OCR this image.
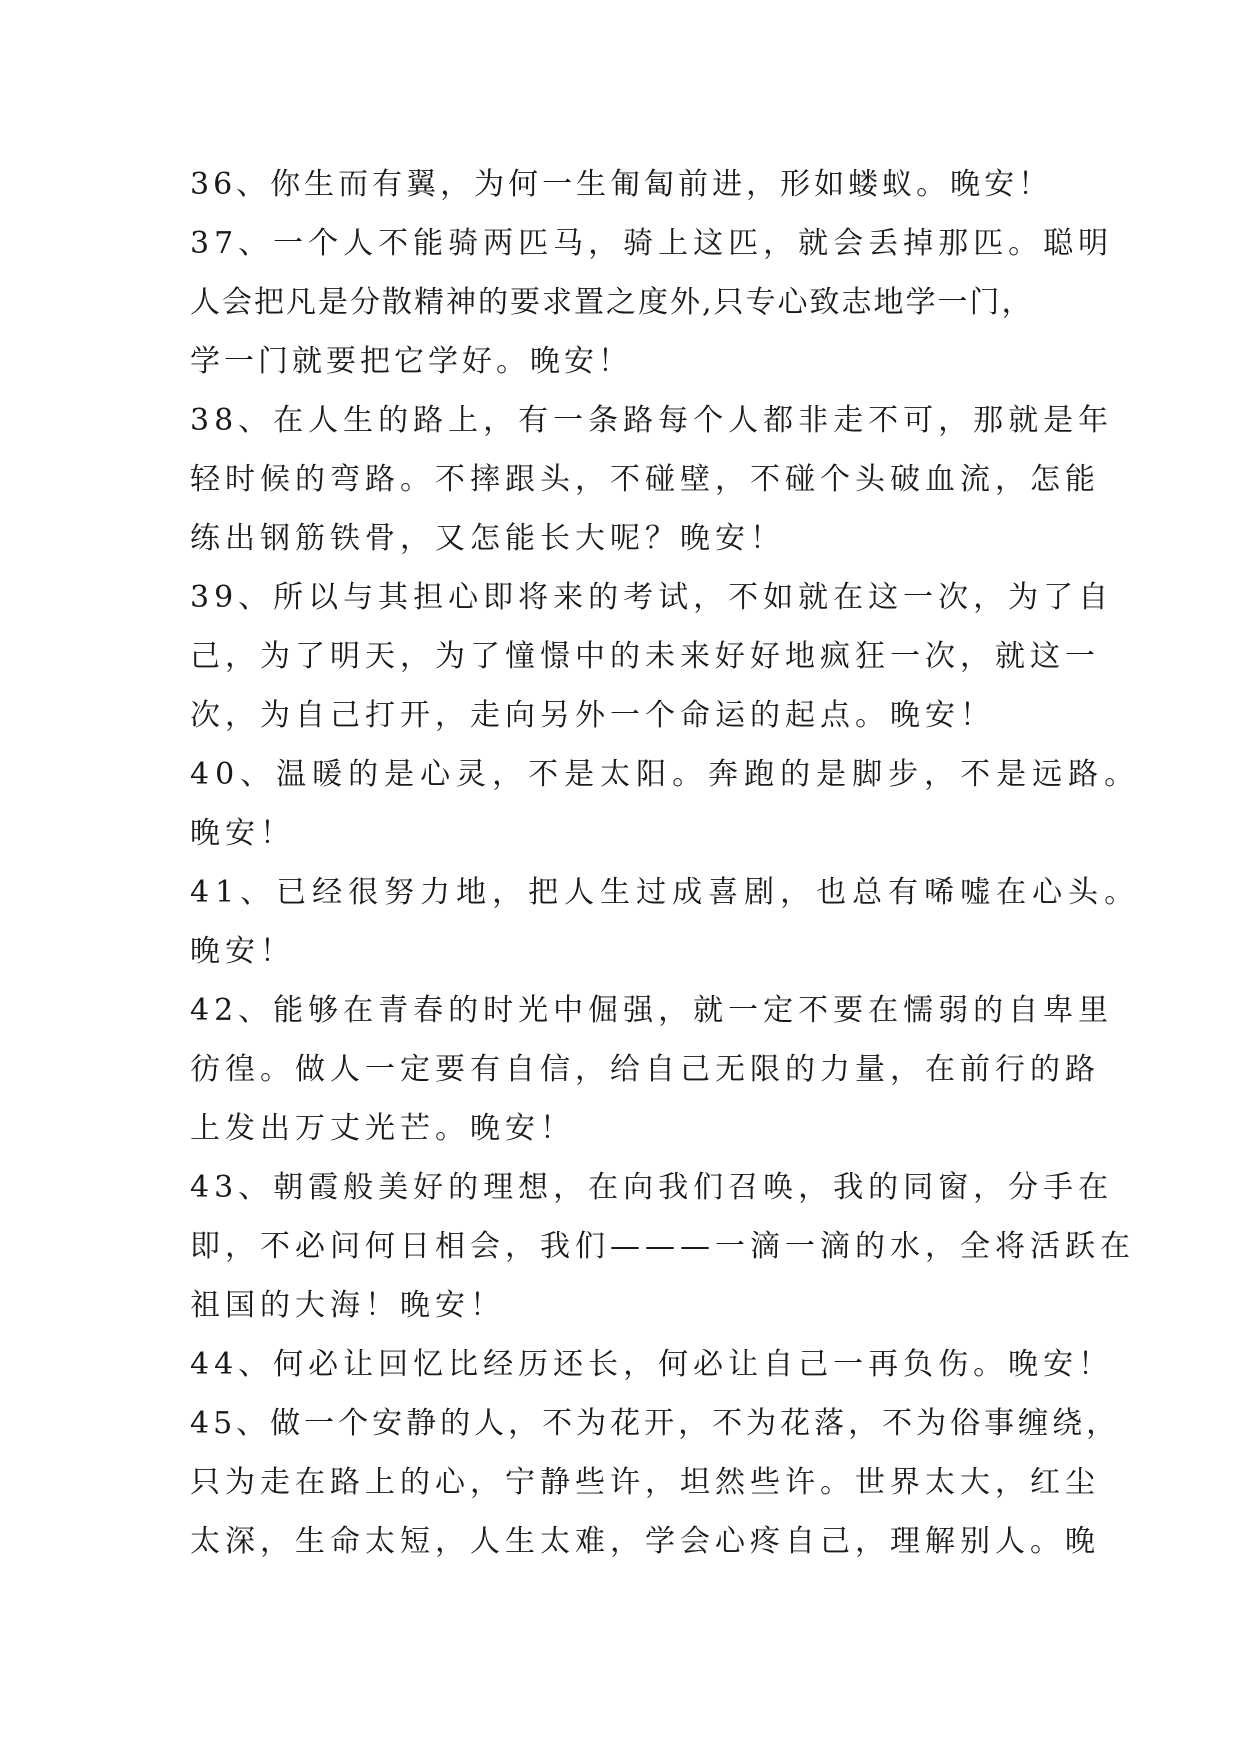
36、你生而有翼，为何一生匍匐前进，形如蝼蚁。晚安！
37、一个人不能骑两匹马，骑上这匹，就会丢掉那匹。聪明
人会把凡是分散精神的要求置之度外,只专心致志地学一门，
学一门就要把它学好。晚安！
38、在人生的路上，有一条路每个人都非走不可，那就是年
轻时候的弯路。不摔跟头，不碰壁，不碰个头破血流，怎能
练出钢筋铁骨，又怎能长大呢？晚安！
39、所以与其担心即将来的考试，不如就在这一次，为了自
己，为了明天，为了憧憬中的未来好好地疯狂一次，就这一
次，为自己打开，走向另外一个命运的起点。晚安！
40、温暖的是心灵，不是太阳。奔跑的是脚步，不是远路。
晚安！
41、已经很努力地，把人生过成喜剧，也总有唏嘘在心头。
晚安！
42、能够在青春的时光中倔强，就一定不要在懦弱的自卑里
彷徨。做人一定要有自信，给自己无限的力量，在前行的路
上发出万丈光芒。晚安！
43、朝霞般美好的理想，在向我们召唤，我的同窗，分手在
即，不必问何日相会，我们———一滴一滴的水，全将活跃在
祖国的大海！晚安！
44、何必让回忆比经历还长，何必让自己一再负伤。晚安！
45、做一个安静的人，不为花开，不为花落，不为俗事缠绕，
只为走在路上的心，宁静些许，坦然些许。世界太大，红尘
太深，生命太短，人生太难，学会心疼自己，理解别人。晚
